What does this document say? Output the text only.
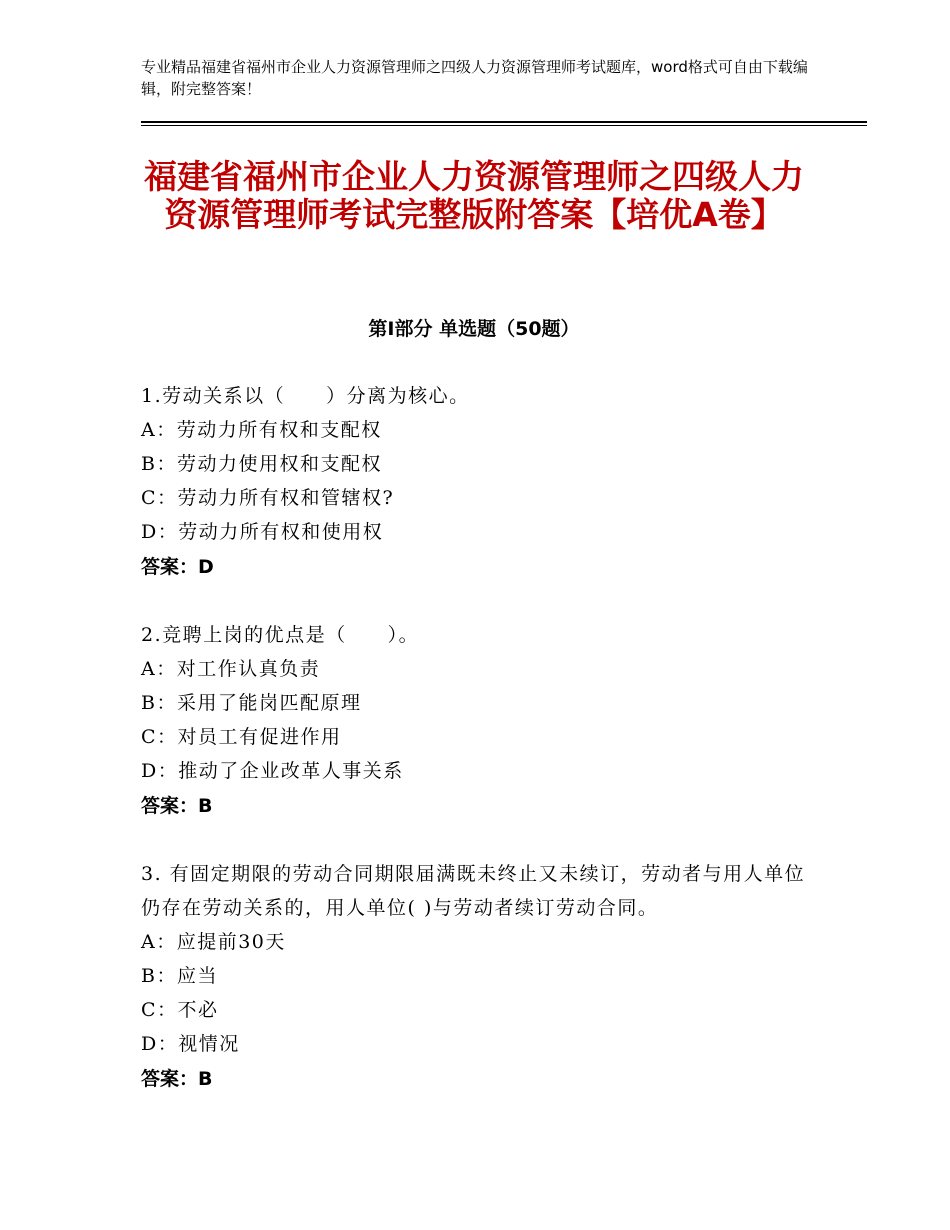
专业精品福建省福州市企业人力资源管理师之四级人力资源管理师考试题库，word格式可自由下载编辑，附完整答案！
福建省福州市企业人力资源管理师之四级人力资源管理师考试完整版附答案【培优A卷】
第Ⅰ部分 单选题（50题）
1.劳动关系以（　　）分离为核心。
A：劳动力所有权和支配权
B：劳动力使用权和支配权
C：劳动力所有权和管辖权?
D：劳动力所有权和使用权
答案：D
2.竞聘上岗的优点是（　　）。
A：对工作认真负责
B：采用了能岗匹配原理
C：对员工有促进作用
D：推动了企业改革人事关系
答案：B
3. 有固定期限的劳动合同期限届满既未终止又未续订，劳动者与用人单位仍存在劳动关系的，用人单位( )与劳动者续订劳动合同。
A：应提前30天
B：应当
C：不必
D：视情况
答案：B
